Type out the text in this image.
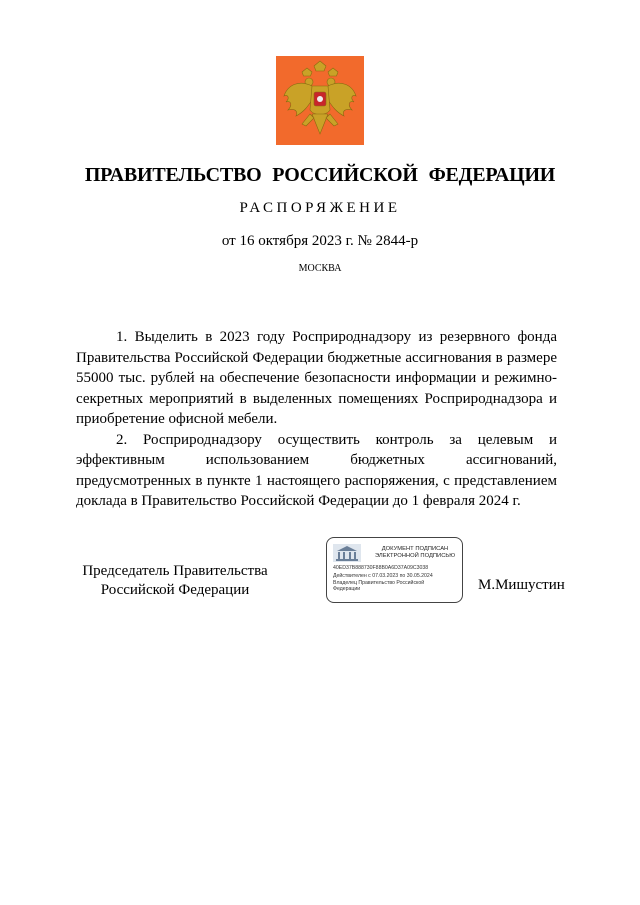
ПРАВИТЕЛЬСТВО РОССИЙСКОЙ ФЕДЕРАЦИИ
РАСПОРЯЖЕНИЕ
от 16 октября 2023 г. № 2844-р
МОСКВА

1. Выделить в 2023 году Росприроднадзору из резервного фонда Правительства Российской Федерации бюджетные ассигнования в размере 55000 тыс. рублей на обеспечение безопасности информации и режимно-секретных мероприятий в выделенных помещениях Росприроднадзора и приобретение офисной мебели.

2. Росприроднадзору осуществить контроль за целевым и эффективным использованием бюджетных ассигнований, предусмотренных в пункте 1 настоящего распоряжения, с представлением доклада в Правительство Российской Федерации до 1 февраля 2024 г.

Председатель Правительства
Российской Федерации
ДОКУМЕНТ ПОДПИСАН
ЭЛЕКТРОННОЙ ПОДПИСЬЮ
40ED37B888730F88B0A6D37A09C3038
Действителен с 07.03.2023 по 30.05.2024
Владелец Правительство Российской
Федерации	М.Мишустин
